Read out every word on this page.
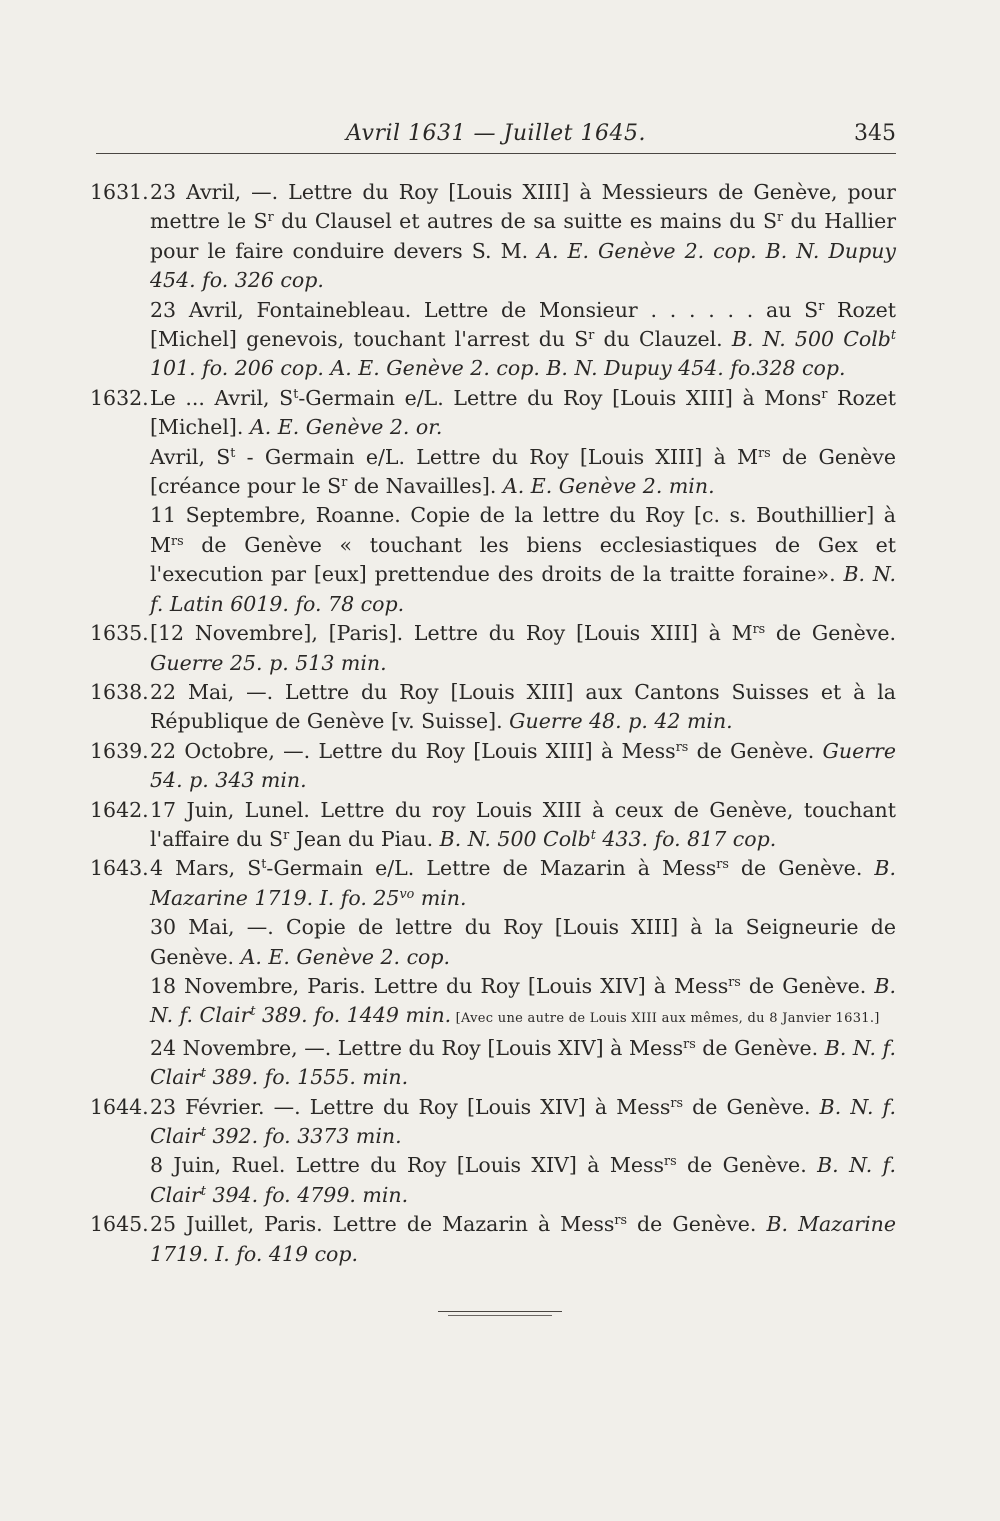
Avril 1631 — Juillet 1645.	345
1631. 23 Avril, —. Lettre du Roy [Louis XIII] à Messieurs de Genève, pour mettre le $S^r$ du Clausel et autres de sa suitte es mains du $S^r$ du Hallier pour le faire conduire devers S. M. A. E. Genève 2. cop. B. N. Dupuy 454. fo. 326 cop.
23 Avril, Fontainebleau. Lettre de Monsieur . . . . . . au $S^r$ Rozet [Michel] genevois, touchant l'arrest du $S^r$ du Clauzel. B. N. 500 Colb$^t$ 101. fo. 206 cop. A. E. Genève 2. cop. B. N. Dupuy 454. fo.328 cop.
1632. Le ... Avril, $S^t$-Germain e/L. Lettre du Roy [Louis XIII] à Mons$^r$ Rozet [Michel]. A. E. Genève 2. or.
Avril, $S^t$ - Germain e/L. Lettre du Roy [Louis XIII] à $M^{rs}$ de Genève [créance pour le $S^r$ de Navailles]. A. E. Genève 2. min.
11 Septembre, Roanne. Copie de la lettre du Roy [c. s. Bouthillier] à $M^{rs}$ de Genève « touchant les biens ecclesiastiques de Gex et l'execution par [eux] prettendue des droits de la traitte foraine». B. N. f. Latin 6019. fo. 78 cop.
1635. [12 Novembre], [Paris]. Lettre du Roy [Louis XIII] à $M^{rs}$ de Genève. Guerre 25. p. 513 min.
1638. 22 Mai, —. Lettre du Roy [Louis XIII] aux Cantons Suisses et à la République de Genève [v. Suisse]. Guerre 48. p. 42 min.
1639. 22 Octobre, —. Lettre du Roy [Louis XIII] à Mess$^{rs}$ de Genève. Guerre 54. p. 343 min.
1642. 17 Juin, Lunel. Lettre du roy Louis XIII à ceux de Genève, touchant l'affaire du $S^r$ Jean du Piau. B. N. 500 Colb$^t$ 433. fo. 817 cop.
1643. 4 Mars, $S^t$-Germain e/L. Lettre de Mazarin à Mess$^{rs}$ de Genève. B. Mazarine 1719. I. fo. 25$^{vo}$ min.
30 Mai, —. Copie de lettre du Roy [Louis XIII] à la Seigneurie de Genève. A. E. Genève 2. cop.
18 Novembre, Paris. Lettre du Roy [Louis XIV] à Mess$^{rs}$ de Genève. B. N. f. Clair$^t$ 389. fo. 1449 min. [Avec une autre de Louis XIII aux mêmes, du 8 Janvier 1631.]
24 Novembre, —. Lettre du Roy [Louis XIV] à Mess$^{rs}$ de Genève. B. N. f. Clair$^t$ 389. fo. 1555. min.
1644. 23 Février. —. Lettre du Roy [Louis XIV] à Mess$^{rs}$ de Genève. B. N. f. Clair$^t$ 392. fo. 3373 min.
8 Juin, Ruel. Lettre du Roy [Louis XIV] à Mess$^{rs}$ de Genève. B. N. f. Clair$^t$ 394. fo. 4799. min.
1645. 25 Juillet, Paris. Lettre de Mazarin à Mess$^{rs}$ de Genève. B. Mazarine 1719. I. fo. 419 cop.
